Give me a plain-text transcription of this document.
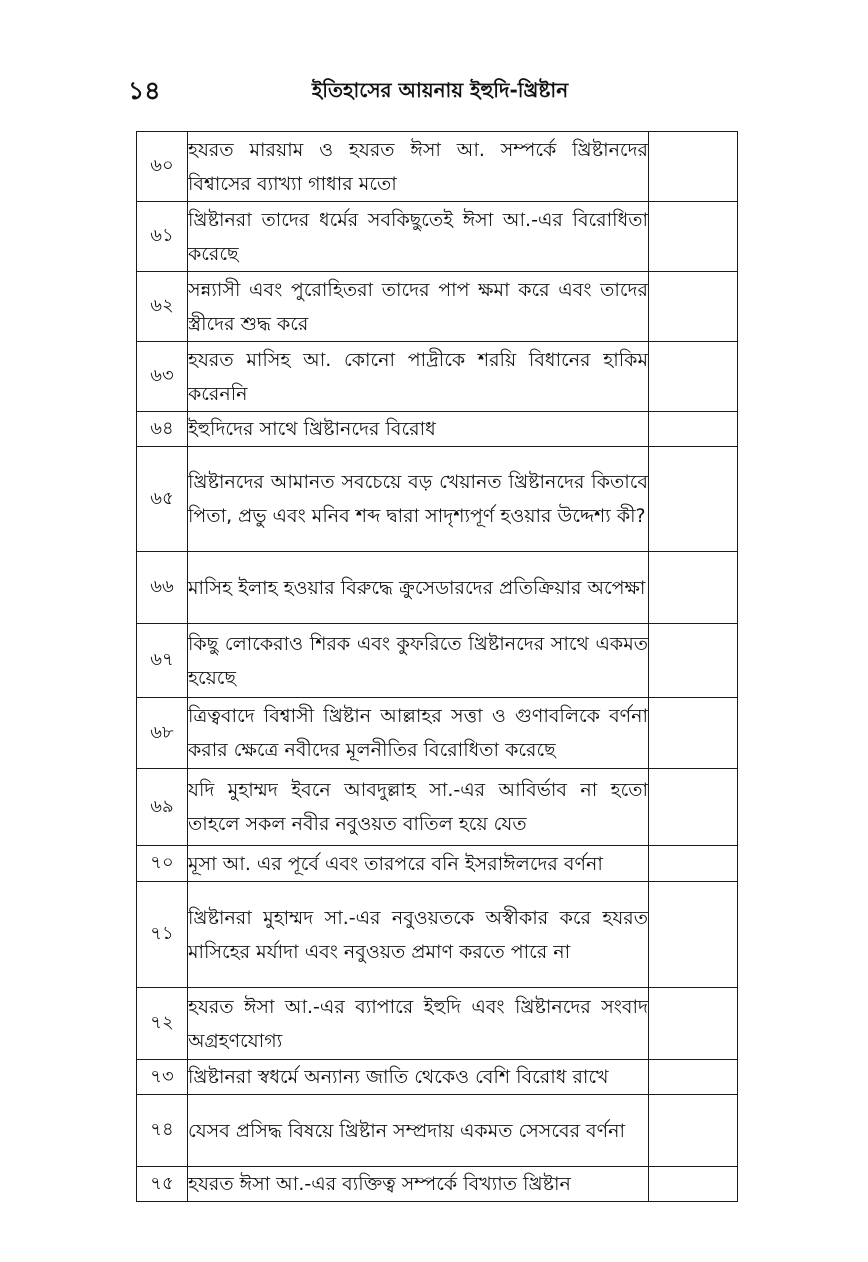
১৪	ইতিহাসের আয়নায় ইহুদি-খ্রিষ্টান
৬০	হযরত মারয়াম ও হযরত ঈসা আ. সম্পর্কে খ্রিষ্টানদের বিশ্বাসের ব্যাখ্যা গাধার মতো	
৬১	খ্রিষ্টানরা তাদের ধর্মের সবকিছুতেই ঈসা আ.-এর বিরোধিতা করেছে	
৬২	সন্ন্যাসী এবং পুরোহিতরা তাদের পাপ ক্ষমা করে এবং তাদের স্ত্রীদের শুদ্ধ করে	
৬৩	হযরত মাসিহ আ. কোনো পাদ্রীকে শরয়ি বিধানের হাকিম করেননি	
৬৪	ইহুদিদের সাথে খ্রিষ্টানদের বিরোধ	
৬৫	খ্রিষ্টানদের আমানত সবচেয়ে বড় খেয়ানত খ্রিষ্টানদের কিতাবে পিতা, প্রভু এবং মনিব শব্দ দ্বারা সাদৃশ্যপূর্ণ হওয়ার উদ্দেশ্য কী?	
৬৬	মাসিহ ইলাহ হওয়ার বিরুদ্ধে ক্রুসেডারদের প্রতিক্রিয়ার অপেক্ষা	
৬৭	কিছু লোকেরাও শিরক এবং কুফরিতে খ্রিষ্টানদের সাথে একমত হয়েছে	
৬৮	ত্রিত্ববাদে বিশ্বাসী খ্রিষ্টান আল্লাহর সত্তা ও গুণাবলিকে বর্ণনা করার ক্ষেত্রে নবীদের মূলনীতির বিরোধিতা করেছে	
৬৯	যদি মুহাম্মদ ইবনে আবদুল্লাহ সা.-এর আবির্ভাব না হতো তাহলে সকল নবীর নবুওয়ত বাতিল হয়ে যেত	
৭০	মূসা আ. এর পূর্বে এবং তারপরে বনি ইসরাঈলদের বর্ণনা	
৭১	খ্রিষ্টানরা মুহাম্মদ সা.-এর নবুওয়তকে অস্বীকার করে হযরত মাসিহের মর্যাদা এবং নবুওয়ত প্রমাণ করতে পারে না	
৭২	হযরত ঈসা আ.-এর ব্যাপারে ইহুদি এবং খ্রিষ্টানদের সংবাদ অগ্রহণযোগ্য	
৭৩	খ্রিষ্টানরা স্বধর্মে অন্যান্য জাতি থেকেও বেশি বিরোধ রাখে	
৭৪	যেসব প্রসিদ্ধ বিষয়ে খ্রিষ্টান সম্প্রদায় একমত সেসবের বর্ণনা	
৭৫	হযরত ঈসা আ.-এর ব্যক্তিত্ব সম্পর্কে বিখ্যাত খ্রিষ্টান	
